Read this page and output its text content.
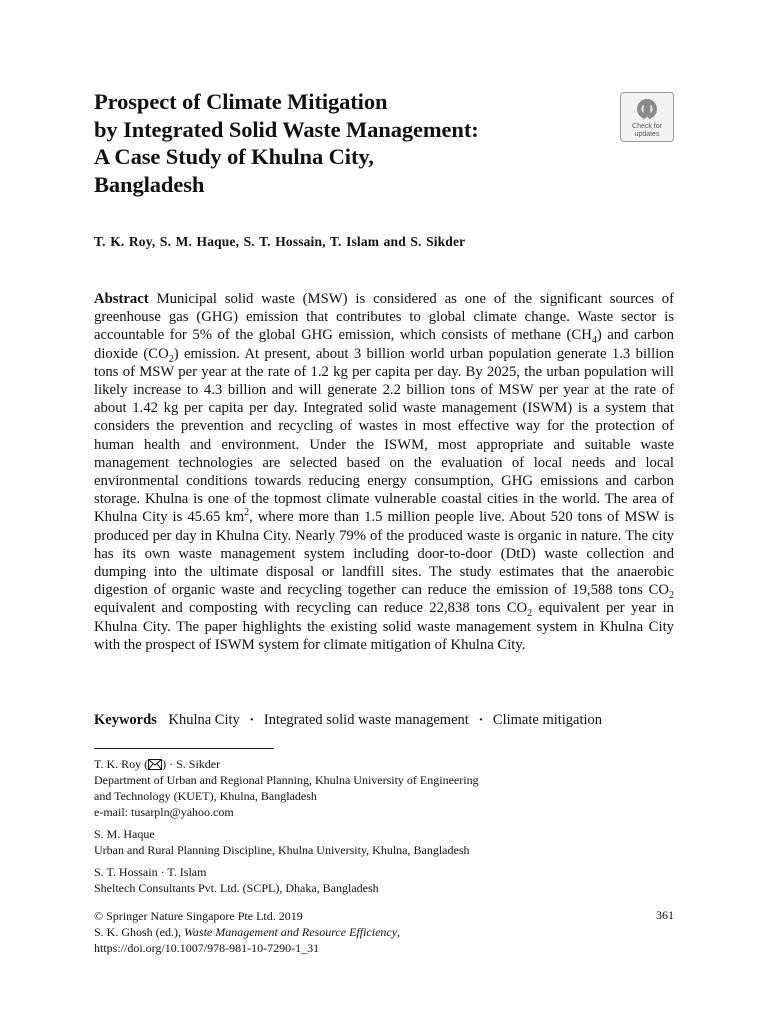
Prospect of Climate Mitigation
by Integrated Solid Waste Management:
A Case Study of Khulna City,
Bangladesh
Check for
updates
T. K. Roy, S. M. Haque, S. T. Hossain, T. Islam and S. Sikder

Abstract Municipal solid waste (MSW) is considered as one of the significant sources of greenhouse gas (GHG) emission that contributes to global climate change. Waste sector is accountable for 5% of the global GHG emission, which consists of methane $(CH_4)$ and carbon dioxide $(CO_2)$ emission. At present, about 3 billion world urban population generate 1.3 billion tons of MSW per year at the rate of 1.2 kg per capita per day. By 2025, the urban population will likely increase to 4.3 billion and will generate 2.2 billion tons of MSW per year at the rate of about 1.42 kg per capita per day. Integrated solid waste management (ISWM) is a system that considers the prevention and recycling of wastes in most effective way for the protection of human health and environment. Under the ISWM, most appropriate and suitable waste management technologies are selected based on the evaluation of local needs and local environmental conditions towards reducing energy consumption, GHG emissions and carbon storage. Khulna is one of the topmost climate vulnerable coastal cities in the world. The area of Khulna City is 45.65 $km^2$, where more than 1.5 million people live. About 520 tons of MSW is produced per day in Khulna City. Nearly 79% of the produced waste is organic in nature. The city has its own waste management system including door-to-door (DtD) waste collection and dumping into the ultimate disposal or landfill sites. The study estimates that the anaerobic digestion of organic waste and recycling together can reduce the emission of 19,588 tons $CO_2$ equivalent and composting with recycling can reduce 22,838 tons $CO_2$ equivalent per year in Khulna City. The paper highlights the existing solid waste management system in Khulna City with the prospect of ISWM system for climate mitigation of Khulna City.

Keywords Khulna City · Integrated solid waste management · Climate mitigation
T. K. Roy ( ) · S. Sikder
Department of Urban and Regional Planning, Khulna University of Engineering
and Technology (KUET), Khulna, Bangladesh
e-mail: tusarpln@yahoo.com
S. M. Haque
Urban and Rural Planning Discipline, Khulna University, Khulna, Bangladesh
S. T. Hossain · T. Islam
Sheltech Consultants Pvt. Ltd. (SCPL), Dhaka, Bangladesh
© Springer Nature Singapore Pte Ltd. 2019
S. K. Ghosh (ed.), Waste Management and Resource Efficiency,
https://doi.org/10.1007/978-981-10-7290-1_31
361
